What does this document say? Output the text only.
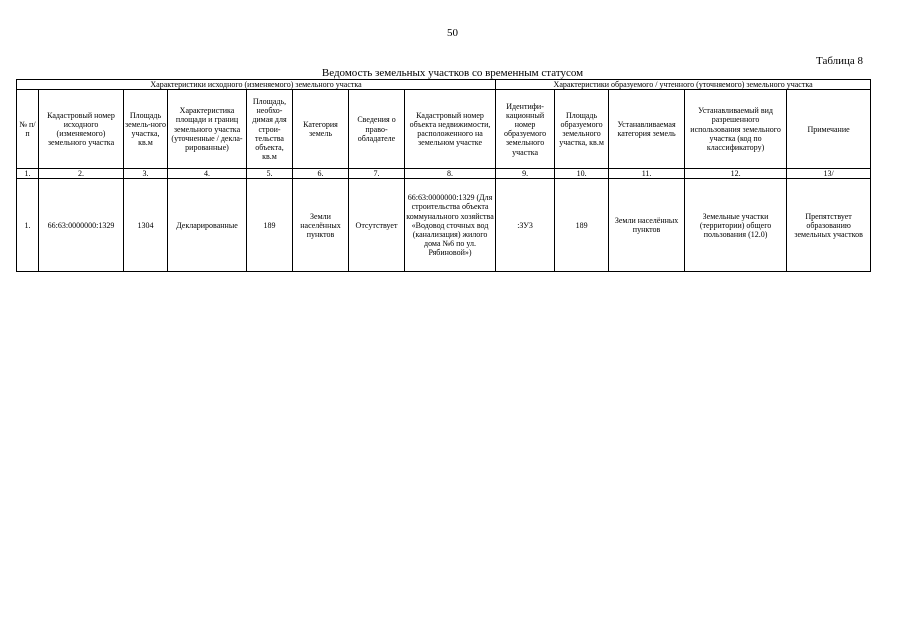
50
Таблица 8
Ведомость земельных участков со временным статусом
Характеристики исходного (изменяемого) земельного участка								Характеристики образуемого / учтенного (уточняемого) земельного участка				
№ п/п	Кадастровый номер исходного (изменяемого) земельного участка	Площадь земель-ного участка, кв.м	Характеристика площади и границ земельного участка (уточненные / декла-рированные)	Площадь, необхо-димая для строи-тельства объекта, кв.м	Категория земель	Сведения о право-обладателе	Кадастровый номер объекта недвижимости, расположенного на земельном участке	Идентифи-кационный номер образуемого земельного участка	Площадь образуемого земельного участка, кв.м	Устанавливаемая категория земель	Устанавливаемый вид разрешенного использования земельного участка (код по классификатору)	Примечание
1.	2.	3.	4.	5.	6.	7.	8.	9.	10.	11.	12.	13/
1.	66:63:0000000:1329	1304	Декларированные	189	Земли населённых пунктов	Отсутствует	66:63:0000000:1329 (Для строительства объекта коммунального хозяйства «Водовод сточных вод (канализация) жилого дома №6 по ул. Рябиновой»)	:ЗУ3	189	Земли населённых пунктов	Земельные участки (территории) общего пользования (12.0)	Препятствует образованию земельных участков
